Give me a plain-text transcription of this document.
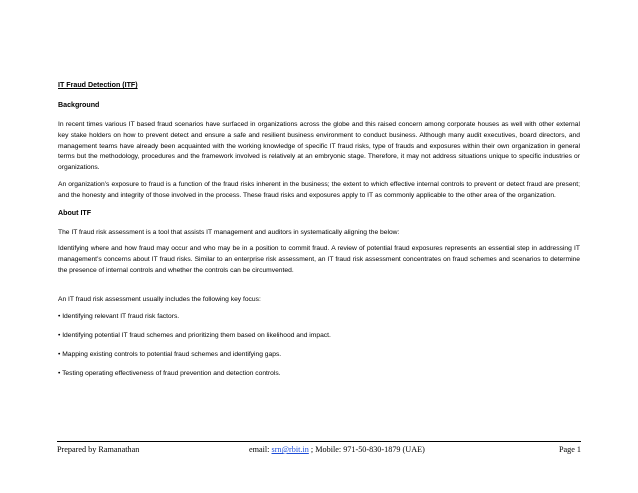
IT Fraud Detection (ITF)
Background

In recent times various IT based fraud scenarios have surfaced in organizations across the globe and this raised concern among corporate houses as well with other external key stake holders on how to prevent detect and ensure a safe and resilient business environment to conduct business. Although many audit executives, board directors, and management teams have already been acquainted with the working knowledge of specific IT fraud risks, type of frauds and exposures within their own organization in general terms but the methodology, procedures and the framework involved is relatively at an embryonic stage. Therefore, it may not address situations unique to specific industries or organizations.

An organization’s exposure to fraud is a function of the fraud risks inherent in the business; the extent to which effective internal controls to prevent or detect fraud are present; and the honesty and integrity of those involved in the process. These fraud risks and exposures apply to IT as commonly applicable to the other area of the organization.

About ITF

The IT fraud risk assessment is a tool that assists IT management and auditors in systematically aligning the below:

Identifying where and how fraud may occur and who may be in a position to commit fraud. A review of potential fraud exposures represents an essential step in addressing IT management’s concerns about IT fraud risks. Similar to an enterprise risk assessment, an IT fraud risk assessment concentrates on fraud schemes and scenarios to determine the presence of internal controls and whether the controls can be circumvented.

An IT fraud risk assessment usually includes the following key focus:

• Identifying relevant IT fraud risk factors.
• Identifying potential IT fraud schemes and prioritizing them based on likelihood and impact.
• Mapping existing controls to potential fraud schemes and identifying gaps.
• Testing operating effectiveness of fraud prevention and detection controls.
Prepared by Ramanathan	email: srn@rbit.in ; Mobile: 971-50-830-1879 (UAE)	Page 1
